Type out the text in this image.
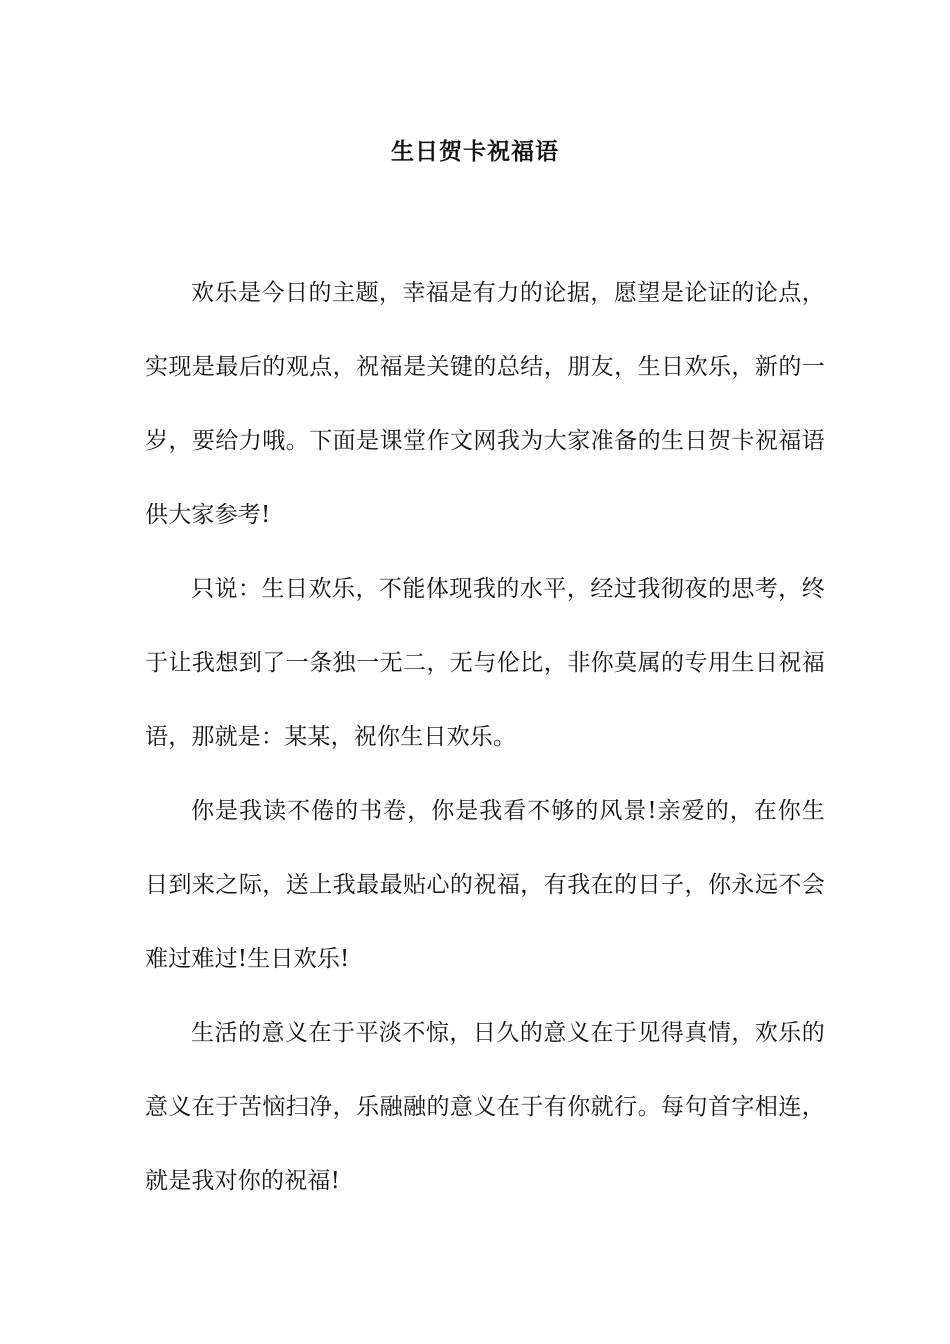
生日贺卡祝福语

欢乐是今日的主题，幸福是有力的论据，愿望是论证的论点，实现是最后的观点，祝福是关键的总结，朋友，生日欢乐，新的一岁，要给力哦。下面是课堂作文网我为大家准备的生日贺卡祝福语供大家参考!

只说：生日欢乐，不能体现我的水平，经过我彻夜的思考，终于让我想到了一条独一无二，无与伦比，非你莫属的专用生日祝福语，那就是：某某，祝你生日欢乐。

你是我读不倦的书卷，你是我看不够的风景!亲爱的，在你生日到来之际，送上我最最贴心的祝福，有我在的日子，你永远不会难过难过!生日欢乐!

生活的意义在于平淡不惊，日久的意义在于见得真情，欢乐的意义在于苦恼扫净，乐融融的意义在于有你就行。每句首字相连，就是我对你的祝福!
